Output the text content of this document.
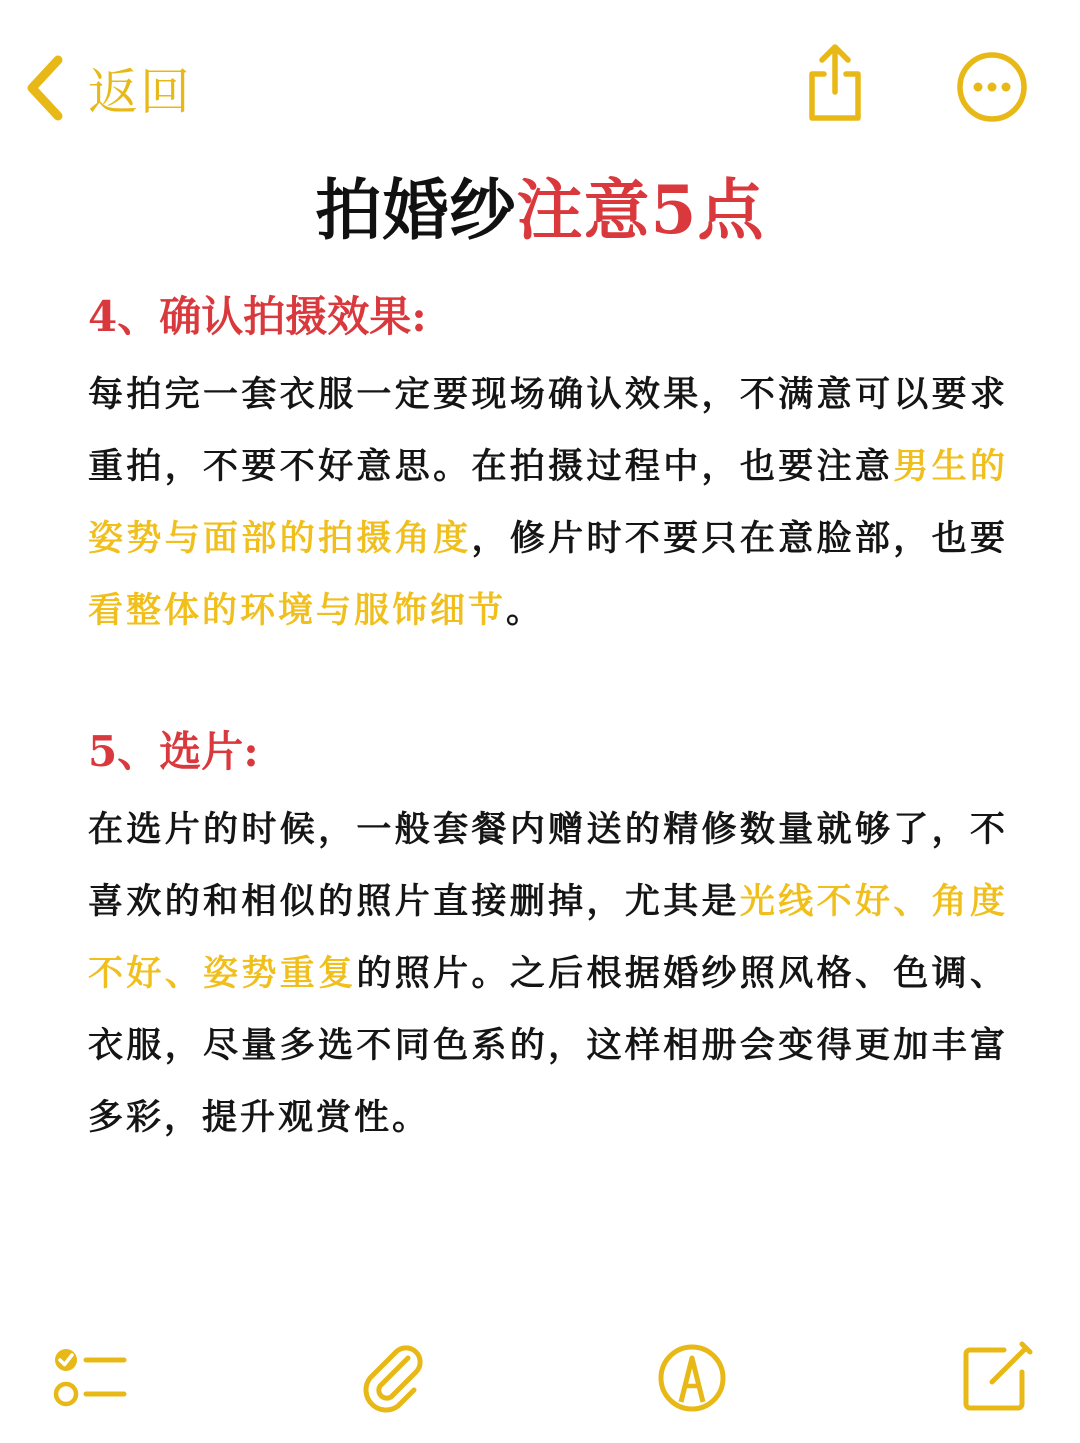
返回
拍婚纱注意5点
4、确认拍摄效果:
每拍完一套衣服一定要现场确认效果，不满意可以要求重拍，不要不好意思。在拍摄过程中，也要注意男生的姿势与面部的拍摄角度，修片时不要只在意脸部，也要看整体的环境与服饰细节。
5、选片:
在选片的时候，一般套餐内赠送的精修数量就够了，不喜欢的和相似的照片直接删掉，尤其是光线不好、角度不好、姿势重复的照片。之后根据婚纱照风格、色调、衣服，尽量多选不同色系的，这样相册会变得更加丰富多彩，提升观赏性。
